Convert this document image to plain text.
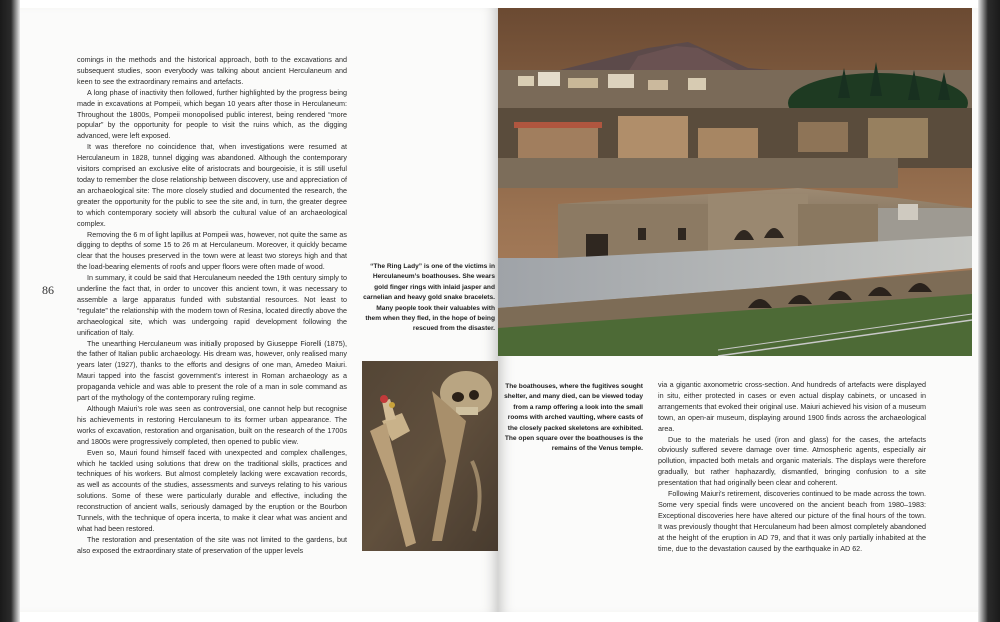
86

comings in the methods and the historical approach, both to the excavations and subsequent studies, soon everybody was talking about ancient Herculaneum and keen to see the extraordinary remains and artefacts.

A long phase of inactivity then followed, further highlighted by the progress being made in excavations at Pompeii, which began 10 years after those in Herculaneum: Throughout the 1800s, Pompeii monopolised public interest, being rendered “more popular” by the opportunity for people to visit the ruins which, as the digging advanced, were left exposed.

It was therefore no coincidence that, when investigations were resumed at Herculaneum in 1828, tunnel digging was abandoned. Although the contemporary visitors comprised an exclusive elite of aristocrats and bourgeoisie, it is still useful today to remember the close relationship between discovery, use and appreciation of an archaeological site: The more closely studied and documented the research, the greater the opportunity for the public to see the site and, in turn, the greater degree to which contemporary society will absorb the cultural value of an archaeological complex.

Removing the 6 m of light lapillus at Pompeii was, however, not quite the same as digging to depths of some 15 to 26 m at Herculaneum. Moreover, it quickly became clear that the houses preserved in the town were at least two storeys high and that the load-bearing elements of roofs and upper floors were often made of wood.

In summary, it could be said that Herculaneum needed the 19th century simply to underline the fact that, in order to uncover this ancient town, it was necessary to assemble a large apparatus funded with substantial resources. Not least to “regulate” the relationship with the modern town of Resina, located directly above the archaeological site, which was undergoing rapid development following the unification of Italy.

The unearthing Herculaneum was initially proposed by Giuseppe Fiorelli (1875), the father of Italian public archaeology. His dream was, however, only realised many years later (1927), thanks to the efforts and designs of one man, Amedeo Maiuri. Mauri tapped into the fascist government’s interest in Roman archaeology as a propaganda vehicle and was able to present the role of a man in sole command as part of the mythology of the contemporary ruling regime.

Although Maiuri’s role was seen as controversial, one cannot help but recognise his achievements in restoring Herculaneum to its former urban appearance. The works of excavation, restoration and organisation, built on the research of the 1700s and 1800s were progressively completed, then opened to public view.

Even so, Mauri found himself faced with unexpected and complex challenges, which he tackled using solutions that drew on the traditional skills, practices and techniques of his workers. But almost completely lacking were excavation records, as well as accounts of the studies, assessments and surveys relating to his various solutions. Some of these were particularly durable and effective, including the reconstruction of ancient walls, seriously damaged by the eruption or the Bourbon Tunnels, with the technique of opera incerta, to make it clear what was ancient and what had been restored.

The restoration and presentation of the site was not limited to the gardens, but also exposed the extraordinary state of preservation of the upper levels

“The Ring Lady” is one of the victims in Herculaneum’s boathouses. She wears gold finger rings with inlaid jasper and carnelian and heavy gold snake bracelets. Many people took their valuables with them when they fled, in the hope of being rescued from the disaster.
The boathouses, where the fugitives sought shelter, and many died, can be viewed today from a ramp offering a look into the small rooms with arched vaulting, where casts of the closely packed skeletons are exhibited. The open square over the boathouses is the remains of the Venus temple.

via a gigantic axonometric cross-section. And hundreds of artefacts were displayed in situ, either protected in cases or even actual display cabinets, or uncased in arrangements that evoked their original use. Maiuri achieved his vision of a museum town, an open-air museum, displaying around 1900 finds across the archaeological area.

Due to the materials he used (iron and glass) for the cases, the artefacts obviously suffered severe damage over time. Atmospheric agents, especially air pollution, impacted both metals and organic materials. The displays were therefore gradually, but rather haphazardly, dismantled, bringing confusion to a site presentation that had originally been clear and coherent.

Following Maiuri’s retirement, discoveries continued to be made across the town. Some very special finds were uncovered on the ancient beach from 1980–1983: Exceptional discoveries here have altered our picture of the final hours of the town. It was previously thought that Herculaneum had been almost completely abandoned at the height of the eruption in AD 79, and that it was only partially inhabited at the time, due to the devastation caused by the earthquake in AD 62.
